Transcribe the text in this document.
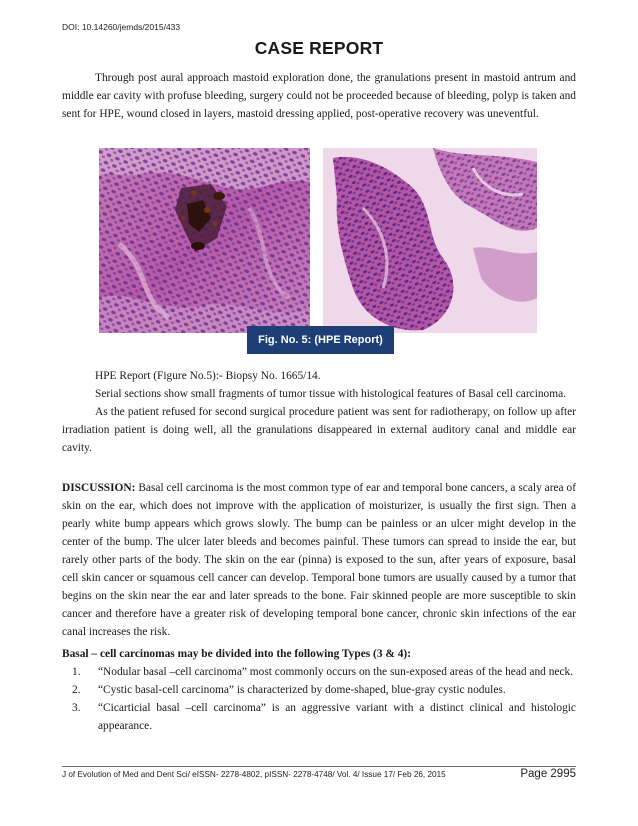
DOI: 10.14260/jemds/2015/433
CASE REPORT

Through post aural approach mastoid exploration done, the granulations present in mastoid antrum and middle ear cavity with profuse bleeding, surgery could not be proceeded because of bleeding, polyp is taken and sent for HPE, wound closed in layers, mastoid dressing applied, post-operative recovery was uneventful.

Fig. No. 5: (HPE Report)

HPE Report (Figure No.5):- Biopsy No. 1665/14.

Serial sections show small fragments of tumor tissue with histological features of Basal cell carcinoma.

As the patient refused for second surgical procedure patient was sent for radiotherapy, on follow up after irradiation patient is doing well, all the granulations disappeared in external auditory canal and middle ear cavity.

DISCUSSION: Basal cell carcinoma is the most common type of ear and temporal bone cancers, a scaly area of skin on the ear, which does not improve with the application of moisturizer, is usually the first sign. Then a pearly white bump appears which grows slowly. The bump can be painless or an ulcer might develop in the center of the bump. The ulcer later bleeds and becomes painful. These tumors can spread to inside the ear, but rarely other parts of the body. The skin on the ear (pinna) is exposed to the sun, after years of exposure, basal cell skin cancer or squamous cell cancer can develop. Temporal bone tumors are usually caused by a tumor that begins on the skin near the ear and later spreads to the bone. Fair skinned people are more susceptible to skin cancer and therefore have a greater risk of developing temporal bone cancer, chronic skin infections of the ear canal increases the risk.

Basal – cell carcinomas may be divided into the following Types (3 & 4):

1. “Nodular basal –cell carcinoma” most commonly occurs on the sun-exposed areas of the head and neck.
2. “Cystic basal-cell carcinoma” is characterized by dome-shaped, blue-gray cystic nodules.
3. “Cicarticial basal –cell carcinoma” is an aggressive variant with a distinct clinical and histologic appearance.
J of Evolution of Med and Dent Sci/ eISSN- 2278-4802, pISSN- 2278-4748/ Vol. 4/ Issue 17/ Feb 26, 2015	Page 2995
